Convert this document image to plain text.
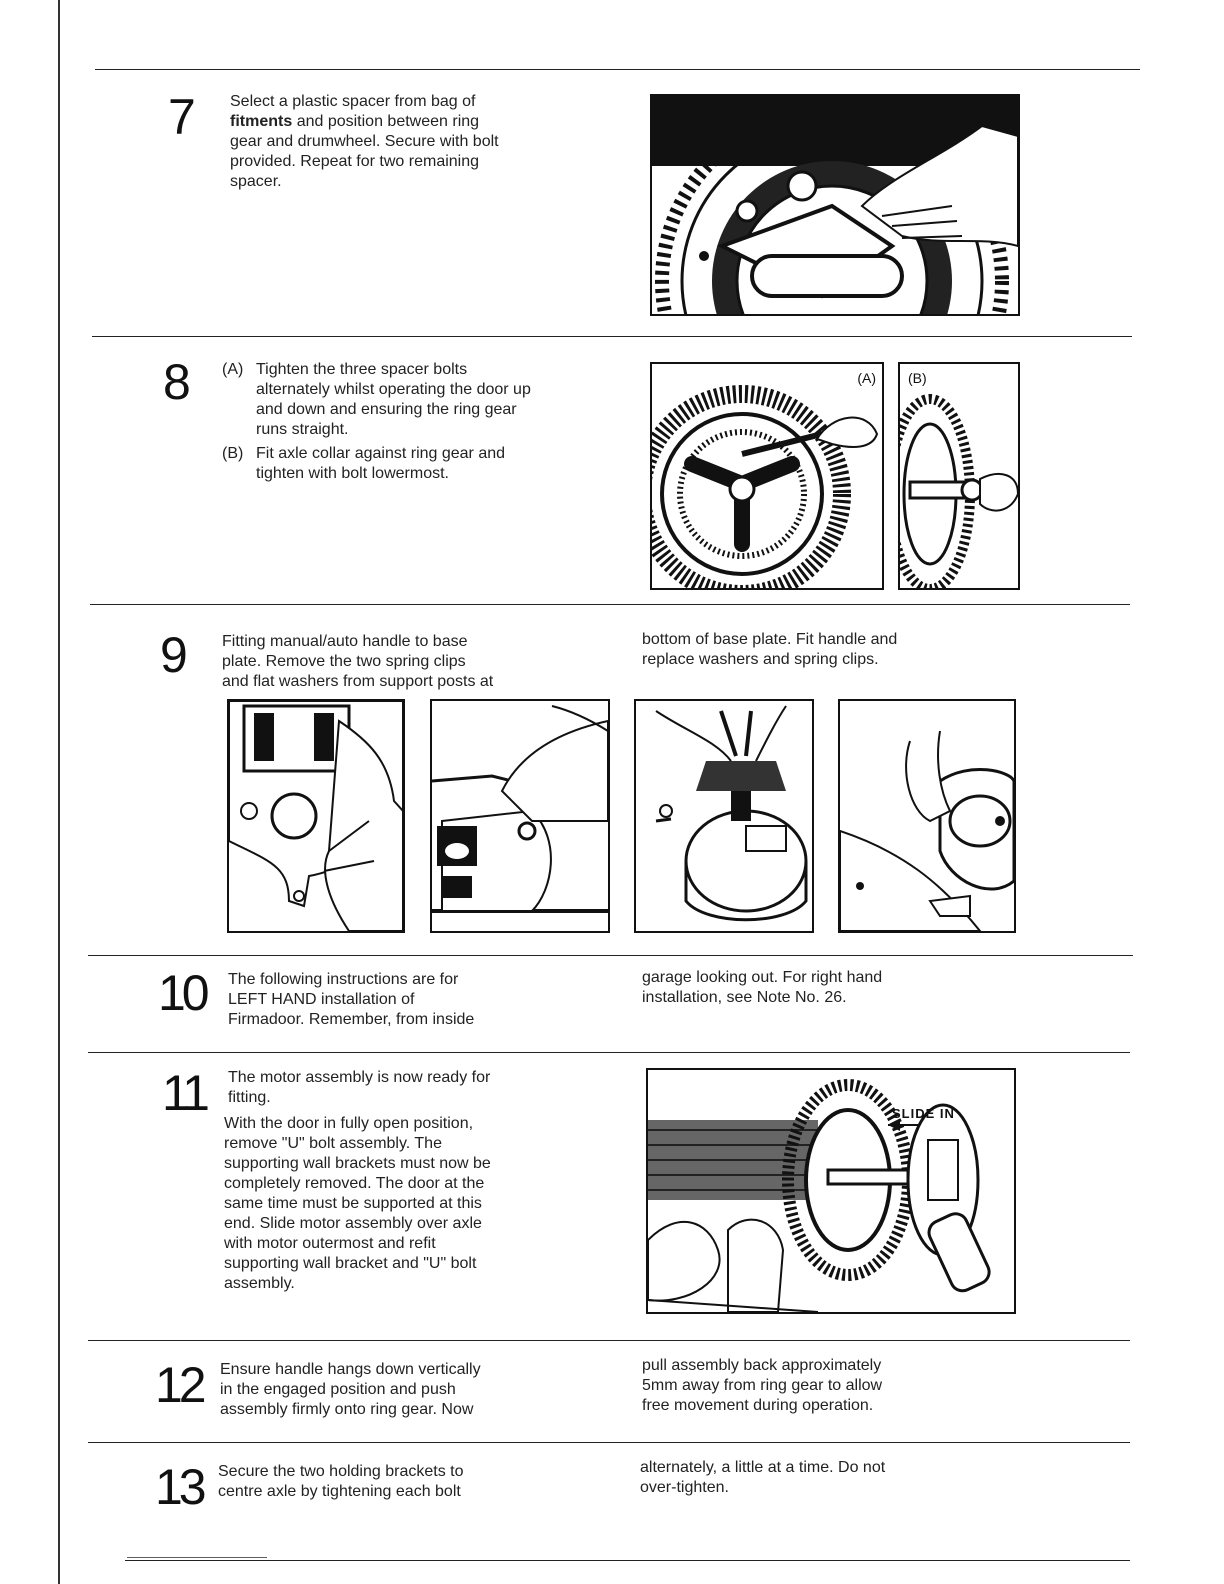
7 Select a plastic spacer from bag of
fitments and position between ring
gear and drumwheel. Secure with bolt
provided. Repeat for two remaining
spacer.
8 (A) Tighten the three spacer bolts
alternately whilst operating the door up
and down and ensuring the ring gear
runs straight.
(B) Fit axle collar against ring gear and
tighten with bolt lowermost.
(A) (B)
9 Fitting manual/auto handle to base
plate. Remove the two spring clips
and flat washers from support posts at
bottom of base plate. Fit handle and
replace washers and spring clips.
10 The following instructions are for
LEFT HAND installation of
Firmadoor. Remember, from inside
garage looking out. For right hand
installation, see Note No. 26.
11 The motor assembly is now ready for
fitting.
With the door in fully open position,
remove "U" bolt assembly. The
supporting wall brackets must now be
completely removed. The door at the
same time must be supported at this
end. Slide motor assembly over axle
with motor outermost and refit
supporting wall bracket and "U" bolt
assembly.
SLIDE IN
12 Ensure handle hangs down vertically
in the engaged position and push
assembly firmly onto ring gear. Now
pull assembly back approximately
5mm away from ring gear to allow
free movement during operation.
13 Secure the two holding brackets to
centre axle by tightening each bolt
alternately, a little at a time. Do not
over-tighten.
